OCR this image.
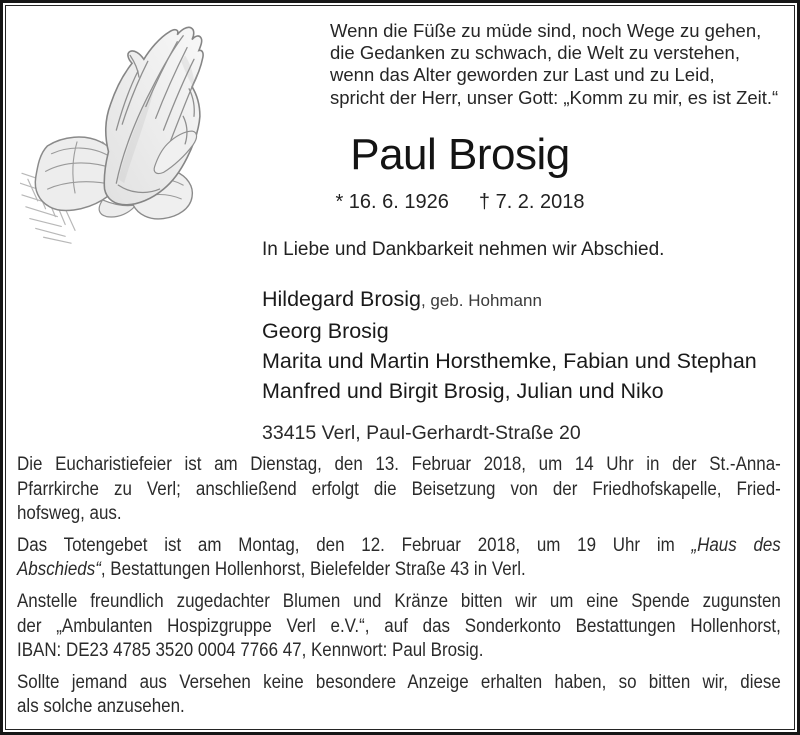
Wenn die Füße zu müde sind, noch Wege zu gehen,
die Gedanken zu schwach, die Welt zu verstehen,
wenn das Alter geworden zur Last und zu Leid,
spricht der Herr, unser Gott: „Komm zu mir, es ist Zeit.“
Paul Brosig
* 16. 6. 1926 † 7. 2. 2018
In Liebe und Dankbarkeit nehmen wir Abschied.
Hildegard Brosig, geb. Hohmann
Georg Brosig
Marita und Martin Horsthemke, Fabian und Stephan
Manfred und Birgit Brosig, Julian und Niko
33415 Verl, Paul-Gerhardt-Straße 20
Die Eucharistiefeier ist am Dienstag, den 13. Februar 2018, um 14 Uhr in der St.-Anna-
Pfarrkirche zu Verl; anschließend erfolgt die Beisetzung von der Friedhofskapelle, Fried-
hofsweg, aus.
Das Totengebet ist am Montag, den 12. Februar 2018, um 19 Uhr im „Haus des
Abschieds“, Bestattungen Hollenhorst, Bielefelder Straße 43 in Verl.
Anstelle freundlich zugedachter Blumen und Kränze bitten wir um eine Spende zugunsten
der „Ambulanten Hospizgruppe Verl e.V.“, auf das Sonderkonto Bestattungen Hollenhorst,
IBAN: DE23 4785 3520 0004 7766 47, Kennwort: Paul Brosig.
Sollte jemand aus Versehen keine besondere Anzeige erhalten haben, so bitten wir, diese
als solche anzusehen.
